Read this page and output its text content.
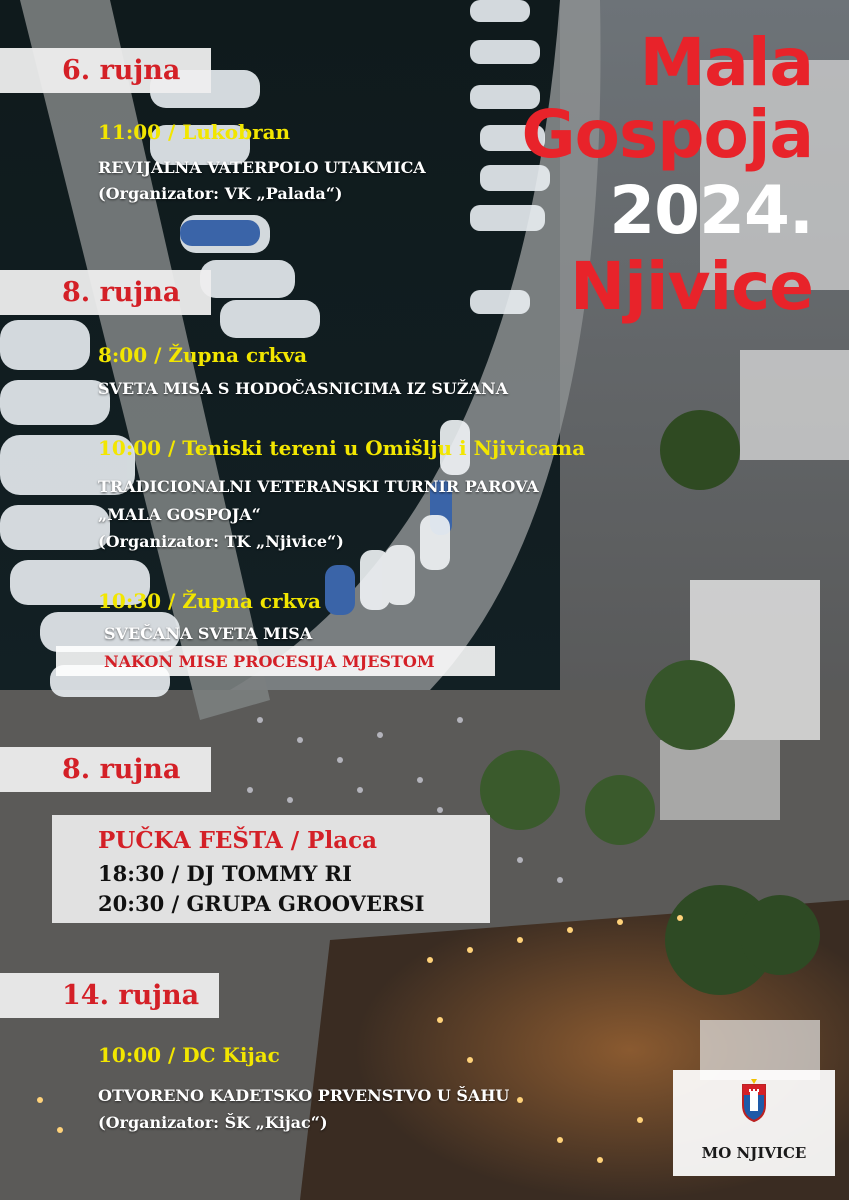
Mala
Gospoja
2024.
Njivice
6. rujna
11:00 / Lukobran
REVIJALNA VATERPOLO UTAKMICA
(Organizator: VK „Palada“)
8. rujna
8:00 / Župna crkva
SVETA MISA S HODOČASNICIMA IZ SUŽANA
10:00 / Teniski tereni u Omišlju i Njivicama
TRADICIONALNI VETERANSKI TURNIR PAROVA
„MALA GOSPOJA“
(Organizator: TK „Njivice“)
10:30 / Župna crkva
SVEČANA SVETA MISA
NAKON MISE PROCESIJA MJESTOM
8. rujna
PUČKA FEŠTA / Placa
18:30 / DJ TOMMY RI
20:30 / GRUPA GROOVERSI
14. rujna
10:00 / DC Kijac
OTVORENO KADETSKO PRVENSTVO U ŠAHU
(Organizator: ŠK „Kijac“)
MO NJIVICE
